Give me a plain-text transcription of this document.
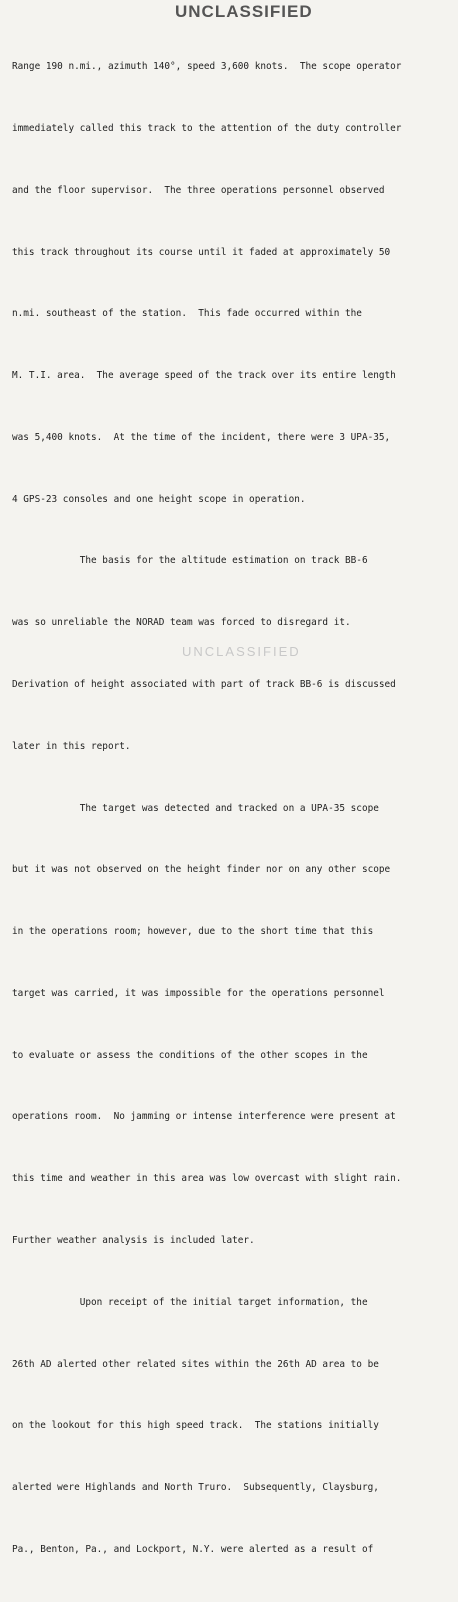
UNCLASSIFIED

Range 190 n.mi., azimuth 140°, speed 3,600 knots.  The scope operator

immediately called this track to the attention of the duty controller

and the floor supervisor.  The three operations personnel observed

this track throughout its course until it faded at approximately 50

n.mi. southeast of the station.  This fade occurred within the

M. T.I. area.  The average speed of the track over its entire length

was 5,400 knots.  At the time of the incident, there were 3 UPA-35,

4 GPS-23 consoles and one height scope in operation.

The basis for the altitude estimation on track BB-6

was so unreliable the NORAD team was forced to disregard it.

Derivation of height associated with part of track BB-6 is discussed

later in this report.

The target was detected and tracked on a UPA-35 scope

but it was not observed on the height finder nor on any other scope

in the operations room; however, due to the short time that this

target was carried, it was impossible for the operations personnel

to evaluate or assess the conditions of the other scopes in the

operations room.  No jamming or intense interference were present at

this time and weather in this area was low overcast with slight rain.

Further weather analysis is included later.

Upon receipt of the initial target information, the

26th AD alerted other related sites within the 26th AD area to be

on the lookout for this high speed track.  The stations initially

alerted were Highlands and North Truro.  Subsequently, Claysburg,

Pa., Benton, Pa., and Lockport, N.Y. were alerted as a result of

UNCLASSIFIED
